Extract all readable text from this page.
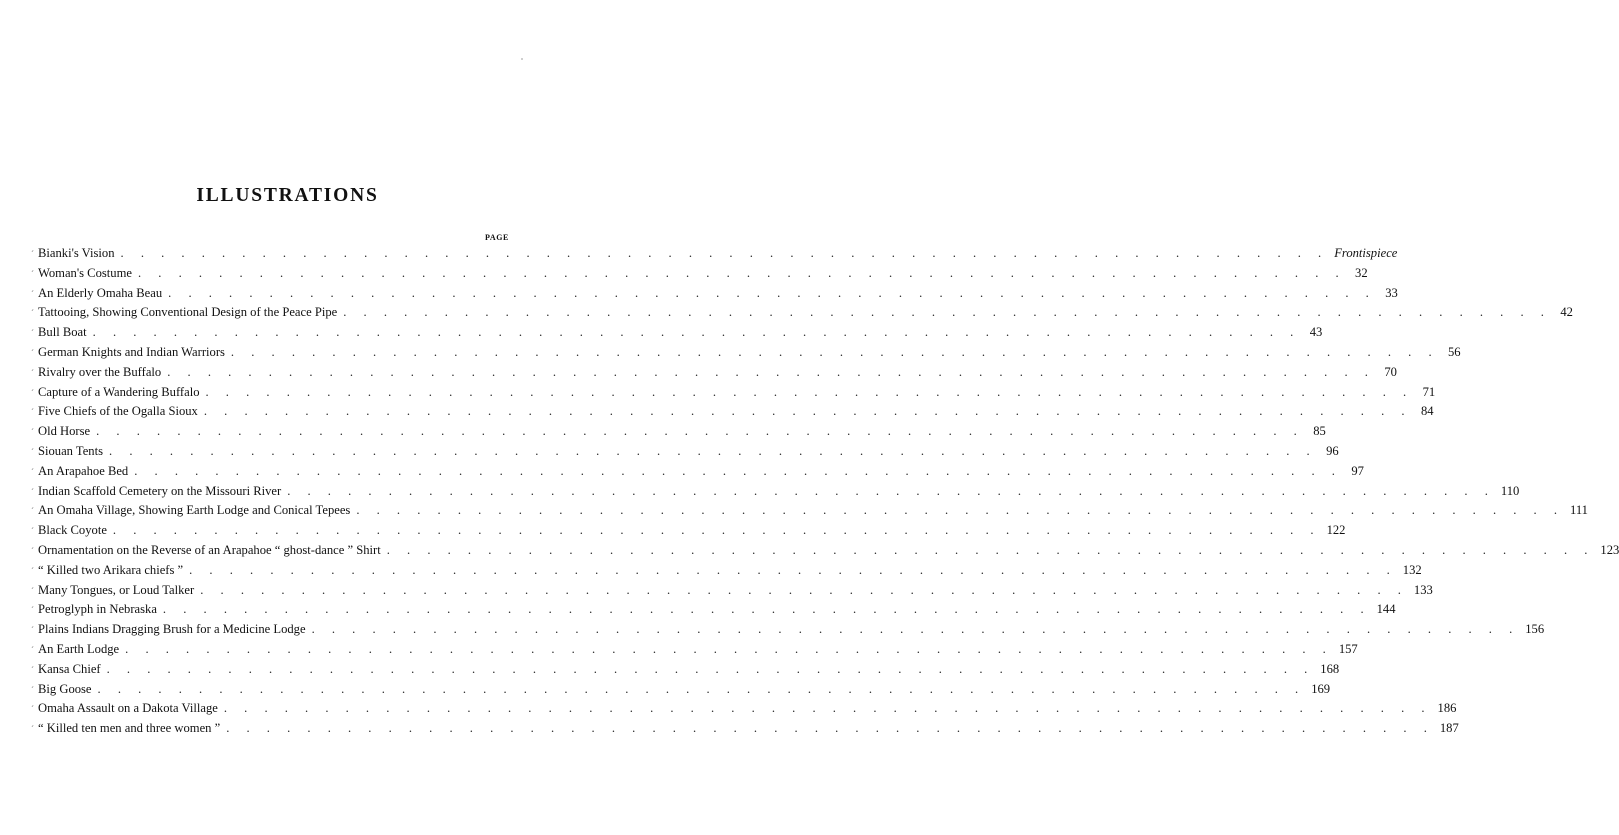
ILLUSTRATIONS
PAGE
´ Bianki's Vision . . . . . . . . . . . . . . . . . . . . . . . . . . . . . . . . . . . . . . . . . . . . . . . . . . . . . . . . . . . . Frontispiece
´ Woman's Costume . . . . . . . . . . . . . . . . . . . . . . . . . . . . . . . . . . . . . . . . . . . . . . . . . . . . . . . . . . . . 32
´ An Elderly Omaha Beau . . . . . . . . . . . . . . . . . . . . . . . . . . . . . . . . . . . . . . . . . . . . . . . . . . . . . . . . . . . . 33
´ Tattooing, Showing Conventional Design of the Peace Pipe . . . . . . . . . . . . . . . . . . . . . . . . . . . . . . . . . . . . . . . . . . . . . . . . . . . . . . . . . . . . 42
´ Bull Boat . . . . . . . . . . . . . . . . . . . . . . . . . . . . . . . . . . . . . . . . . . . . . . . . . . . . . . . . . . . . 43
´ German Knights and Indian Warriors . . . . . . . . . . . . . . . . . . . . . . . . . . . . . . . . . . . . . . . . . . . . . . . . . . . . . . . . . . . . 56
´ Rivalry over the Buffalo . . . . . . . . . . . . . . . . . . . . . . . . . . . . . . . . . . . . . . . . . . . . . . . . . . . . . . . . . . . . 70
´ Capture of a Wandering Buffalo . . . . . . . . . . . . . . . . . . . . . . . . . . . . . . . . . . . . . . . . . . . . . . . . . . . . . . . . . . . . 71
´ Five Chiefs of the Ogalla Sioux . . . . . . . . . . . . . . . . . . . . . . . . . . . . . . . . . . . . . . . . . . . . . . . . . . . . . . . . . . . . 84
´ Old Horse . . . . . . . . . . . . . . . . . . . . . . . . . . . . . . . . . . . . . . . . . . . . . . . . . . . . . . . . . . . . 85
´ Siouan Tents . . . . . . . . . . . . . . . . . . . . . . . . . . . . . . . . . . . . . . . . . . . . . . . . . . . . . . . . . . . . 96
´ An Arapahoe Bed . . . . . . . . . . . . . . . . . . . . . . . . . . . . . . . . . . . . . . . . . . . . . . . . . . . . . . . . . . . . 97
´ Indian Scaffold Cemetery on the Missouri River . . . . . . . . . . . . . . . . . . . . . . . . . . . . . . . . . . . . . . . . . . . . . . . . . . . . . . . . . . . . 110
´ An Omaha Village, Showing Earth Lodge and Conical Tepees . . . . . . . . . . . . . . . . . . . . . . . . . . . . . . . . . . . . . . . . . . . . . . . . . . . . . . . . . . . . 111
´ Black Coyote . . . . . . . . . . . . . . . . . . . . . . . . . . . . . . . . . . . . . . . . . . . . . . . . . . . . . . . . . . . . 122
´ Ornamentation on the Reverse of an Arapahoe “ ghost-dance ” Shirt . . . . . . . . . . . . . . . . . . . . . . . . . . . . . . . . . . . . . . . . . . . . . . . . . . . . . . . . . . . . 123
´ “ Killed two Arikara chiefs ” . . . . . . . . . . . . . . . . . . . . . . . . . . . . . . . . . . . . . . . . . . . . . . . . . . . . . . . . . . . . 132
´ Many Tongues, or Loud Talker . . . . . . . . . . . . . . . . . . . . . . . . . . . . . . . . . . . . . . . . . . . . . . . . . . . . . . . . . . . . 133
´ Petroglyph in Nebraska . . . . . . . . . . . . . . . . . . . . . . . . . . . . . . . . . . . . . . . . . . . . . . . . . . . . . . . . . . . . 144
´ Plains Indians Dragging Brush for a Medicine Lodge . . . . . . . . . . . . . . . . . . . . . . . . . . . . . . . . . . . . . . . . . . . . . . . . . . . . . . . . . . . . 156
´ An Earth Lodge . . . . . . . . . . . . . . . . . . . . . . . . . . . . . . . . . . . . . . . . . . . . . . . . . . . . . . . . . . . . 157
´ Kansa Chief . . . . . . . . . . . . . . . . . . . . . . . . . . . . . . . . . . . . . . . . . . . . . . . . . . . . . . . . . . . . 168
´ Big Goose . . . . . . . . . . . . . . . . . . . . . . . . . . . . . . . . . . . . . . . . . . . . . . . . . . . . . . . . . . . . 169
´ Omaha Assault on a Dakota Village . . . . . . . . . . . . . . . . . . . . . . . . . . . . . . . . . . . . . . . . . . . . . . . . . . . . . . . . . . . . 186
´ “ Killed ten men and three women ” . . . . . . . . . . . . . . . . . . . . . . . . . . . . . . . . . . . . . . . . . . . . . . . . . . . . . . . . . . . . 187
